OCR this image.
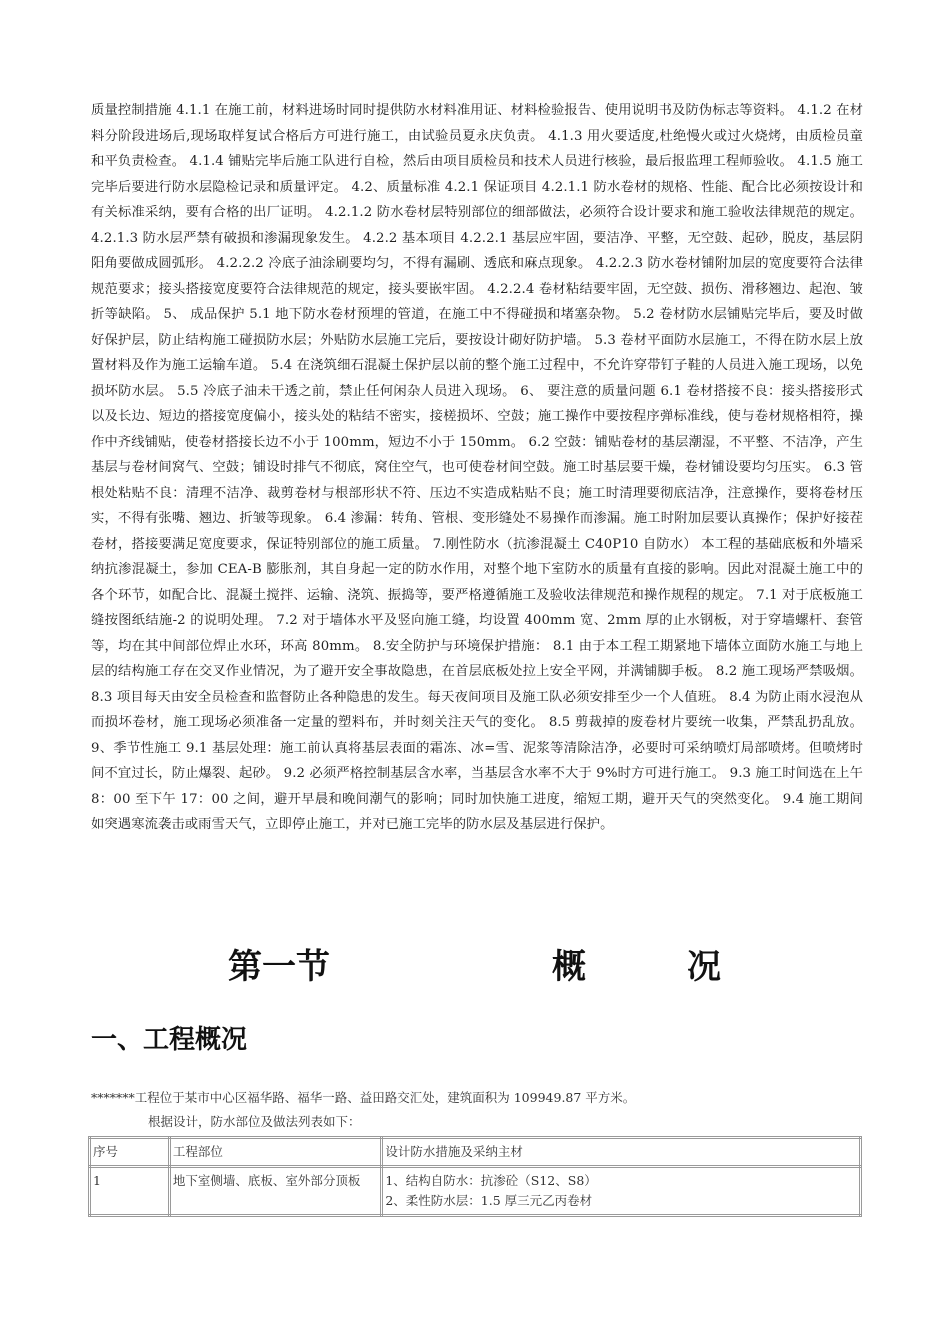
质量控制措施 4.1.1 在施工前，材料进场时同时提供防水材料准用证、材料检验报告、使用说明书及防伪标志等资料。 4.1.2 在材料分阶段进场后,现场取样复试合格后方可进行施工，由试验员夏永庆负责。 4.1.3 用火要适度,杜绝慢火或过火烧烤，由质检员童和平负责检查。 4.1.4 铺贴完毕后施工队进行自检，然后由项目质检员和技术人员进行核验，最后报监理工程师验收。 4.1.5 施工完毕后要进行防水层隐检记录和质量评定。 4.2、质量标准 4.2.1 保证项目 4.2.1.1 防水卷材的规格、性能、配合比必须按设计和有关标准采纳，要有合格的出厂证明。 4.2.1.2 防水卷材层特别部位的细部做法，必须符合设计要求和施工验收法律规范的规定。 4.2.1.3 防水层严禁有破损和渗漏现象发生。 4.2.2 基本项目 4.2.2.1 基层应牢固，要洁净、平整，无空鼓、起砂，脱皮，基层阴阳角要做成圆弧形。 4.2.2.2 冷底子油涂刷要均匀，不得有漏刷、透底和麻点现象。 4.2.2.3 防水卷材铺附加层的宽度要符合法律规范要求；接头搭接宽度要符合法律规范的规定，接头要嵌牢固。 4.2.2.4 卷材粘结要牢固，无空鼓、损伤、滑移翘边、起泡、皱折等缺陷。 5、 成品保护 5.1 地下防水卷材预埋的管道，在施工中不得碰损和堵塞杂物。 5.2 卷材防水层铺贴完毕后，要及时做好保护层，防止结构施工碰损防水层；外贴防水层施工完后，要按设计砌好防护墙。 5.3 卷材平面防水层施工，不得在防水层上放置材料及作为施工运输车道。 5.4 在浇筑细石混凝土保护层以前的整个施工过程中，不允许穿带钉子鞋的人员进入施工现场，以免损坏防水层。 5.5 冷底子油未干透之前，禁止任何闲杂人员进入现场。 6、 要注意的质量问题 6.1 卷材搭接不良：接头搭接形式以及长边、短边的搭接宽度偏小，接头处的粘结不密实，接槎损坏、空鼓；施工操作中要按程序弹标准线，使与卷材规格相符，操作中齐线铺贴，使卷材搭接长边不小于 100mm，短边不小于 150mm。 6.2 空鼓：铺贴卷材的基层潮湿，不平整、不洁净，产生基层与卷材间窝气、空鼓；铺设时排气不彻底，窝住空气，也可使卷材间空鼓。施工时基层要干燥，卷材铺设要均匀压实。 6.3 管根处粘贴不良：清理不洁净、裁剪卷材与根部形状不符、压边不实造成粘贴不良；施工时清理要彻底洁净，注意操作，要将卷材压实，不得有张嘴、翘边、折皱等现象。 6.4 渗漏：转角、管根、变形缝处不易操作而渗漏。施工时附加层要认真操作；保护好接茬卷材，搭接要满足宽度要求，保证特别部位的施工质量。 7.刚性防水（抗渗混凝土 C40P10 自防水） 本工程的基础底板和外墙采纳抗渗混凝土，参加 CEA-B 膨胀剂，其自身起一定的防水作用，对整个地下室防水的质量有直接的影响。因此对混凝土施工中的各个环节，如配合比、混凝土搅拌、运输、浇筑、振捣等，要严格遵循施工及验收法律规范和操作规程的规定。 7.1 对于底板施工缝按图纸结施-2 的说明处理。 7.2 对于墙体水平及竖向施工缝，均设置 400mm 宽、2mm 厚的止水钢板，对于穿墙螺杆、套管等，均在其中间部位焊止水环，环高 80mm。 8.安全防护与环境保护措施： 8.1 由于本工程工期紧地下墙体立面防水施工与地上层的结构施工存在交叉作业情况，为了避开安全事故隐患，在首层底板处拉上安全平网，并满铺脚手板。 8.2 施工现场严禁吸烟。 8.3 项目每天由安全员检查和监督防止各种隐患的发生。每天夜间项目及施工队必须安排至少一个人值班。 8.4 为防止雨水浸泡从而损坏卷材，施工现场必须准备一定量的塑料布，并时刻关注天气的变化。 8.5 剪裁掉的废卷材片要统一收集，严禁乱扔乱放。 9、季节性施工 9.1 基层处理：施工前认真将基层表面的霜冻、冰=雪、泥浆等清除洁净，必要时可采纳喷灯局部喷烤。但喷烤时间不宜过长，防止爆裂、起砂。 9.2 必须严格控制基层含水率，当基层含水率不大于 9%时方可进行施工。 9.3 施工时间选在上午 8：00 至下午 17：00 之间，避开早晨和晚间潮气的影响；同时加快施工进度，缩短工期，避开天气的突然变化。 9.4 施工期间如突遇寒流袭击或雨雪天气，立即停止施工，并对已施工完毕的防水层及基层进行保护。
第一节	概	况
一、工程概况
*******工程位于某市中心区福华路、福华一路、益田路交汇处，建筑面积为 109949.87 平方米。
根据设计，防水部位及做法列表如下：
序号	工程部位	设计防水措施及采纳主材
1	地下室侧墙、底板、室外部分顶板	1、结构自防水：抗渗砼（S12、S8）
2、柔性防水层：1.5 厚三元乙丙卷材
